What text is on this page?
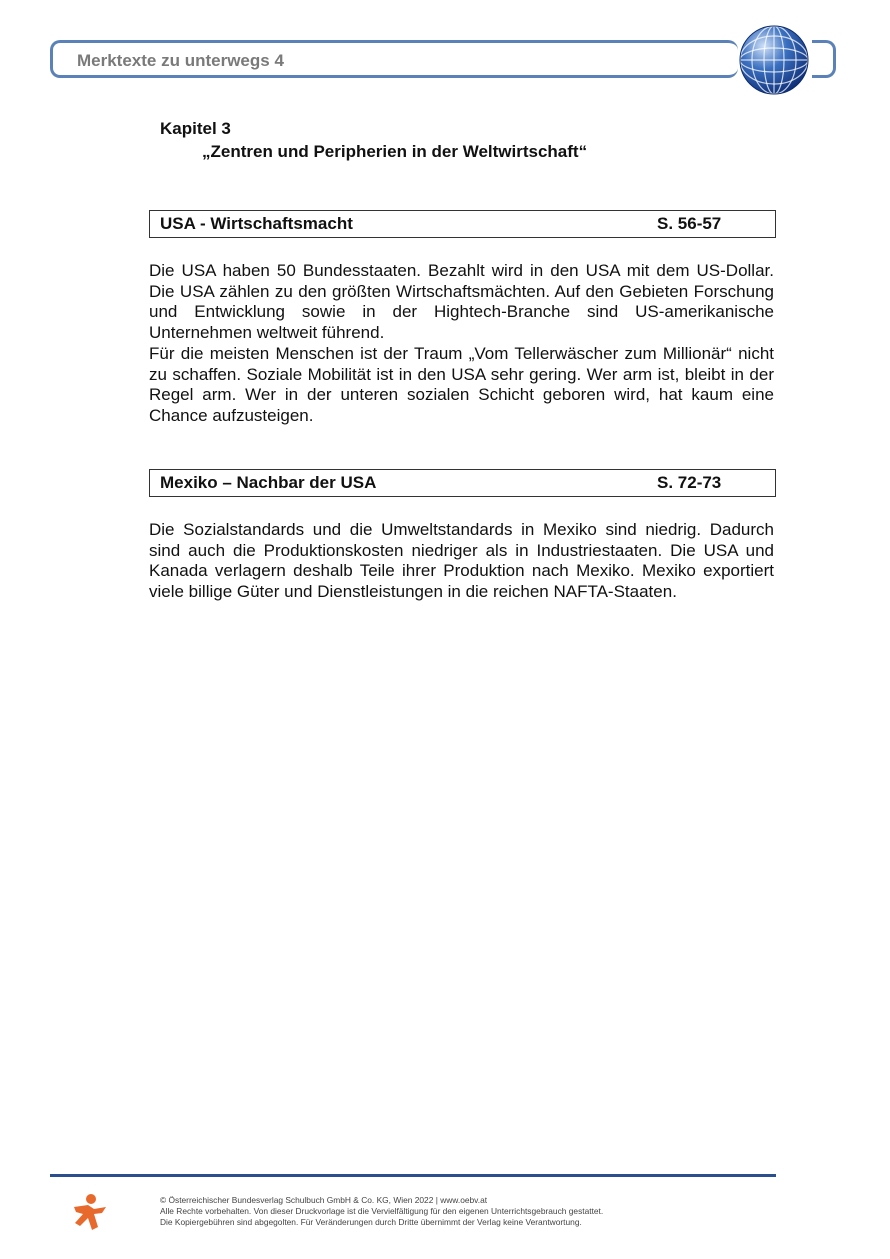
Merktexte zu unterwegs 4
Kapitel 3
„Zentren und Peripherien in der Weltwirtschaft“
USA - Wirtschaftsmacht	S. 56-57

Die USA haben 50 Bundesstaaten. Bezahlt wird in den USA mit dem US-Dollar. Die USA zählen zu den größten Wirtschaftsmächten. Auf den Gebieten Forschung und Entwicklung sowie in der Hightech-Branche sind US-amerikanische Unternehmen weltweit führend.

Für die meisten Menschen ist der Traum „Vom Tellerwäscher zum Millionär“ nicht zu schaffen. Soziale Mobilität ist in den USA sehr gering. Wer arm ist, bleibt in der Regel arm. Wer in der unteren sozialen Schicht geboren wird, hat kaum eine Chance aufzusteigen.

Mexiko – Nachbar der USA	S. 72-73

Die Sozialstandards und die Umweltstandards in Mexiko sind niedrig. Dadurch sind auch die Produktionskosten niedriger als in Industriestaaten. Die USA und Kanada verlagern deshalb Teile ihrer Produktion nach Mexiko. Mexiko exportiert viele billige Güter und Dienstleistungen in die reichen NAFTA-Staaten.

© Österreichischer Bundesverlag Schulbuch GmbH & Co. KG, Wien 2022 | www.oebv.at
Alle Rechte vorbehalten. Von dieser Druckvorlage ist die Vervielfältigung für den eigenen Unterrichtsgebrauch gestattet.
Die Kopiergebühren sind abgegolten. Für Veränderungen durch Dritte übernimmt der Verlag keine Verantwortung.
